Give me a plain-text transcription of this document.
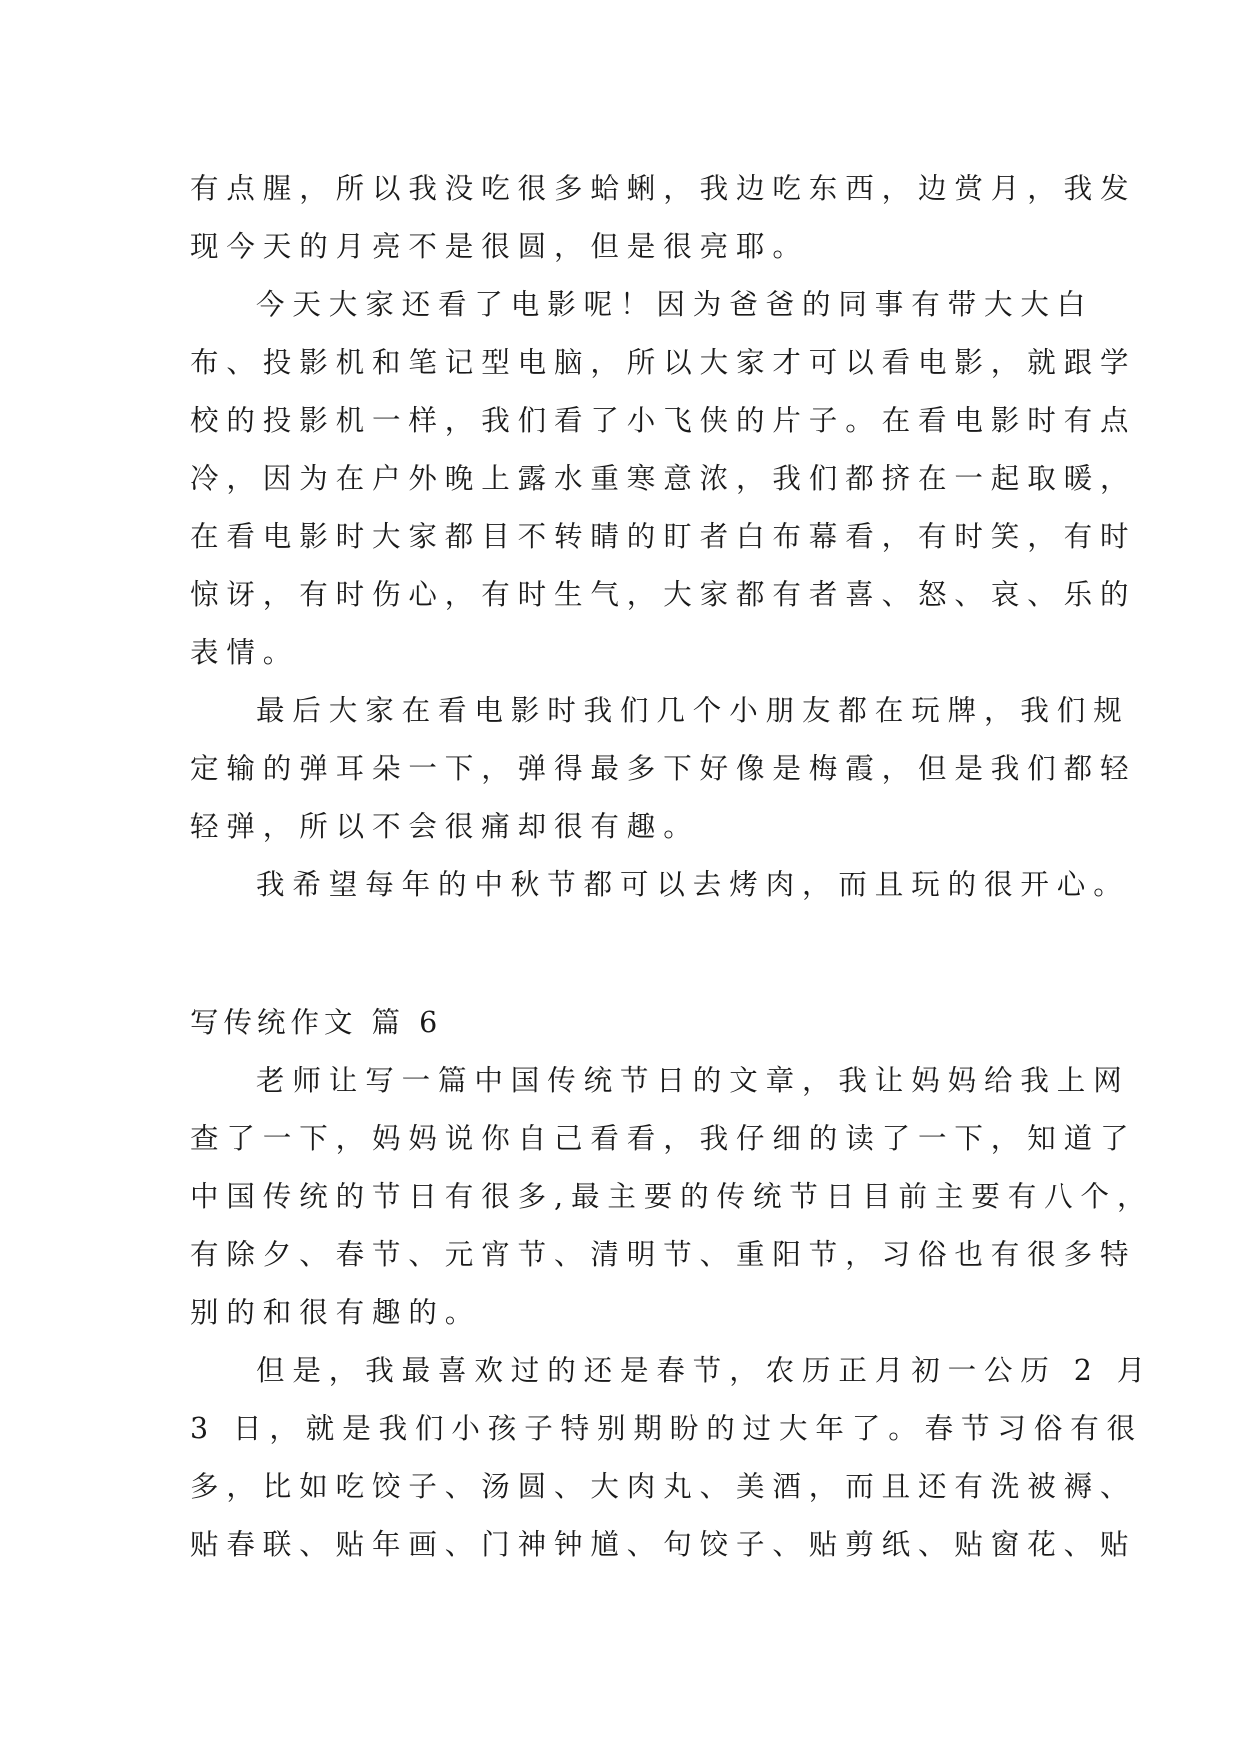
有点腥，所以我没吃很多蛤蜊，我边吃东西，边赏月，我发
现今天的月亮不是很圆，但是很亮耶。
今天大家还看了电影呢！因为爸爸的同事有带大大白
布、投影机和笔记型电脑，所以大家才可以看电影，就跟学
校的投影机一样，我们看了小飞侠的片子。在看电影时有点
冷，因为在户外晚上露水重寒意浓，我们都挤在一起取暖，
在看电影时大家都目不转睛的盯者白布幕看，有时笑，有时
惊讶，有时伤心，有时生气，大家都有者喜、怒、哀、乐的
表情。
最后大家在看电影时我们几个小朋友都在玩牌，我们规
定输的弹耳朵一下，弹得最多下好像是梅霞，但是我们都轻
轻弹，所以不会很痛却很有趣。
我希望每年的中秋节都可以去烤肉，而且玩的很开心。
写传统作文 篇 6
老师让写一篇中国传统节日的文章，我让妈妈给我上网
查了一下，妈妈说你自己看看，我仔细的读了一下，知道了
中国传统的节日有很多,最主要的传统节日目前主要有八个，
有除夕、春节、元宵节、清明节、重阳节，习俗也有很多特
别的和很有趣的。
但是，我最喜欢过的还是春节，农历正月初一公历 2 月
3 日，就是我们小孩子特别期盼的过大年了。春节习俗有很
多，比如吃饺子、汤圆、大肉丸、美酒，而且还有洗被褥、
贴春联、贴年画、门神钟馗、句饺子、贴剪纸、贴窗花、贴
